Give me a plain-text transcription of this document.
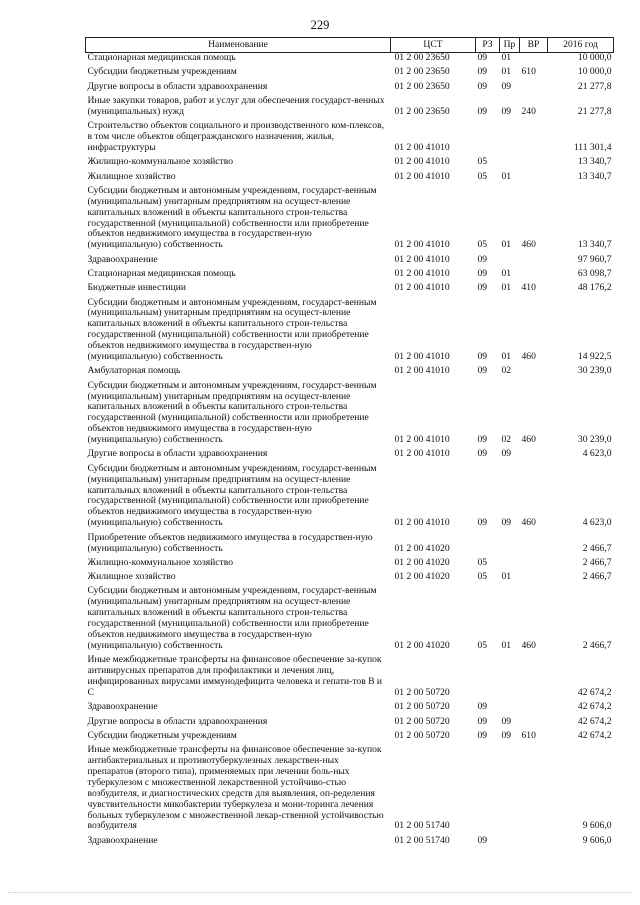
229
Наименование	ЦСТ	РЗ	Пр	ВР	2016 год
Стационарная медицинская помощь	01 2 00 23650	09	01		10 000,0
Субсидии бюджетным учреждениям	01 2 00 23650	09	01	610	10 000,0
Другие вопросы в области здравоохранения	01 2 00 23650	09	09		21 277,8
Иные закупки товаров, работ и услуг для обеспечения государст-венных (муниципальных) нужд	01 2 00 23650	09	09	240	21 277,8
Строительство объектов социального и производственного ком-плексов, в том числе объектов общегражданского назначения, жилья, инфраструктуры	01 2 00 41010				111 301,4
Жилищно-коммунальное хозяйство	01 2 00 41010	05			13 340,7
Жилищное хозяйство	01 2 00 41010	05	01		13 340,7
Субсидии бюджетным и автономным учреждениям, государст-венным (муниципальным) унитарным предприятиям на осущест-вление капитальных вложений в объекты капитального строи-тельства государственной (муниципальной) собственности или приобретение объектов недвижимого имущества в государствен-ную (муниципальную) собственность	01 2 00 41010	05	01	460	13 340,7
Здравоохранение	01 2 00 41010	09			97 960,7
Стационарная медицинская помощь	01 2 00 41010	09	01		63 098,7
Бюджетные инвестиции	01 2 00 41010	09	01	410	48 176,2
Субсидии бюджетным и автономным учреждениям, государст-венным (муниципальным) унитарным предприятиям на осущест-вление капитальных вложений в объекты капитального строи-тельства государственной (муниципальной) собственности или приобретение объектов недвижимого имущества в государствен-ную (муниципальную) собственность	01 2 00 41010	09	01	460	14 922,5
Амбулаторная помощь	01 2 00 41010	09	02		30 239,0
Субсидии бюджетным и автономным учреждениям, государст-венным (муниципальным) унитарным предприятиям на осущест-вление капитальных вложений в объекты капитального строи-тельства государственной (муниципальной) собственности или приобретение объектов недвижимого имущества в государствен-ную (муниципальную) собственность	01 2 00 41010	09	02	460	30 239,0
Другие вопросы в области здравоохранения	01 2 00 41010	09	09		4 623,0
Субсидии бюджетным и автономным учреждениям, государст-венным (муниципальным) унитарным предприятиям на осущест-вление капитальных вложений в объекты капитального строи-тельства государственной (муниципальной) собственности или приобретение объектов недвижимого имущества в государствен-ную (муниципальную) собственность	01 2 00 41010	09	09	460	4 623,0
Приобретение объектов недвижимого имущества в государствен-ную (муниципальную) собственность	01 2 00 41020				2 466,7
Жилищно-коммунальное хозяйство	01 2 00 41020	05			2 466,7
Жилищное хозяйство	01 2 00 41020	05	01		2 466,7
Субсидии бюджетным и автономным учреждениям, государст-венным (муниципальным) унитарным предприятиям на осущест-вление капитальных вложений в объекты капитального строи-тельства государственной (муниципальной) собственности или приобретение объектов недвижимого имущества в государствен-ную (муниципальную) собственность	01 2 00 41020	05	01	460	2 466,7
Иные межбюджетные трансферты на финансовое обеспечение за-купок антивирусных препаратов для профилактики и лечения лиц, инфицированных вирусами иммунодефицита человека и гепати-тов В и С	01 2 00 50720				42 674,2
Здравоохранение	01 2 00 50720	09			42 674,2
Другие вопросы в области здравоохранения	01 2 00 50720	09	09		42 674,2
Субсидии бюджетным учреждениям	01 2 00 50720	09	09	610	42 674,2
Иные межбюджетные трансферты на финансовое обеспечение за-купок антибактериальных и противотуберкулезных лекарствен-ных препаратов (второго типа), применяемых при лечении боль-ных туберкулезом с множественной лекарственной устойчиво-стью возбудителя, и диагностических средств для выявления, оп-ределения чувствительности микобактерии туберкулеза и мони-торинга лечения больных туберкулезом с множественной лекар-ственной устойчивостью возбудителя	01 2 00 51740				9 606,0
Здравоохранение	01 2 00 51740	09			9 606,0
